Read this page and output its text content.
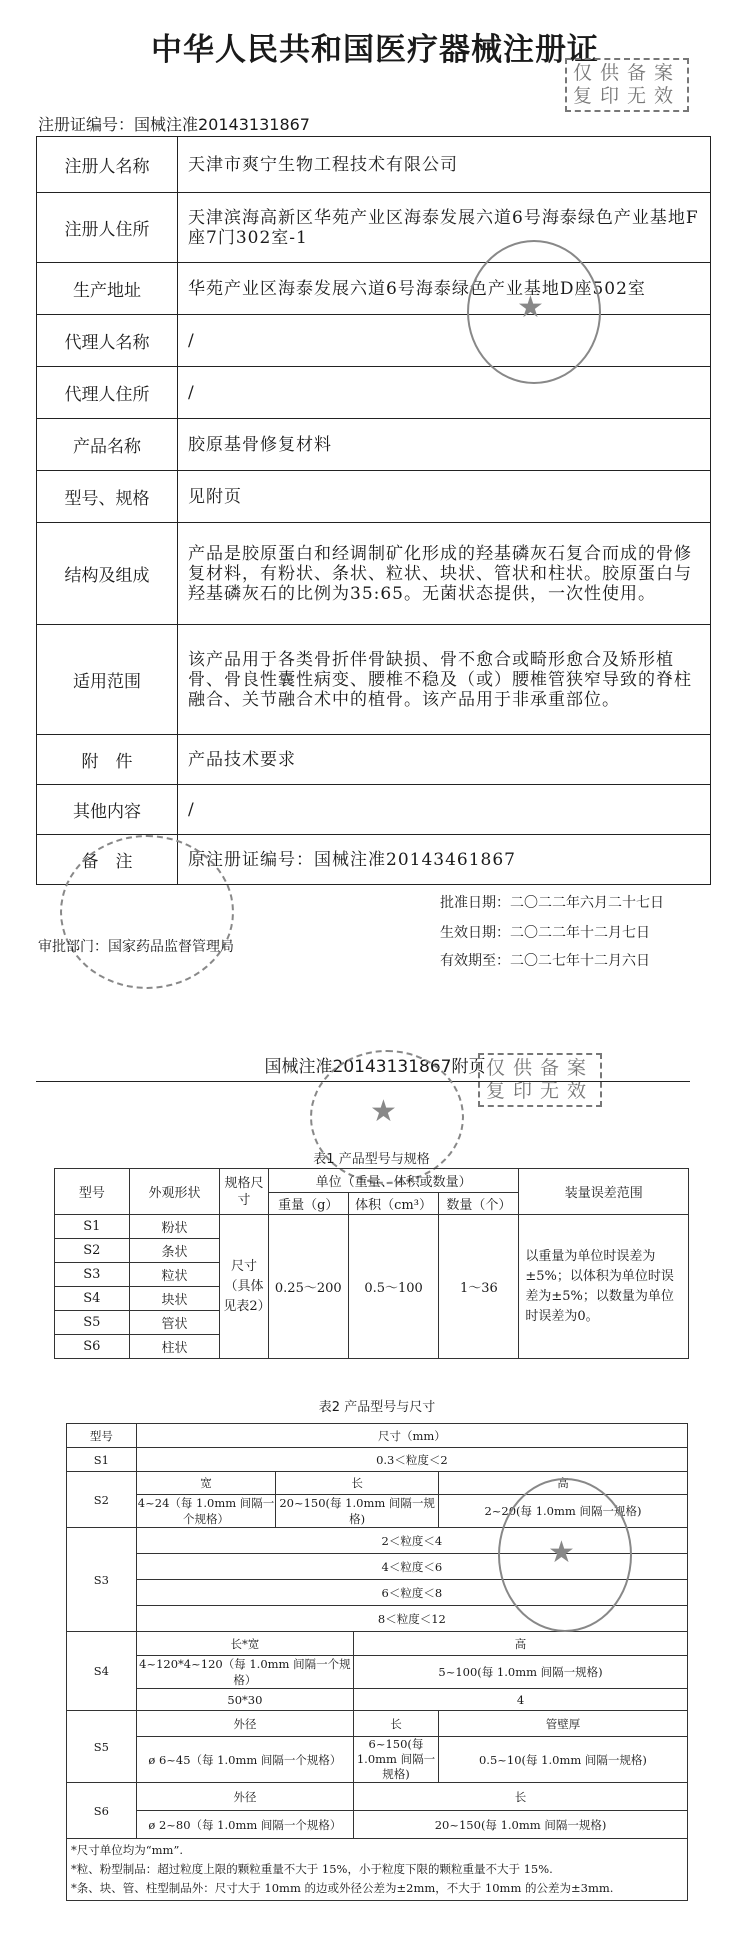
中华人民共和国医疗器械注册证
仅供备案
复印无效
注册证编号：国械注准20143131867
注册人名称	天津市爽宁生物工程技术有限公司
注册人住所	天津滨海高新区华苑产业区海泰发展六道6号海泰绿色产业基地F座7门302室-1
生产地址	华苑产业区海泰发展六道6号海泰绿色产业基地D座502室
代理人名称	/
代理人住所	/
产品名称	胶原基骨修复材料
型号、规格	见附页
结构及组成	产品是胶原蛋白和经调制矿化形成的羟基磷灰石复合而成的骨修复材料，有粉状、条状、粒状、块状、管状和柱状。胶原蛋白与羟基磷灰石的比例为35:65。无菌状态提供，一次性使用。
适用范围	该产品用于各类骨折伴骨缺损、骨不愈合或畸形愈合及矫形植骨、骨良性囊性病变、腰椎不稳及（或）腰椎管狭窄导致的脊柱融合、关节融合术中的植骨。该产品用于非承重部位。
附　件	产品技术要求
其他内容	/
备　注	原注册证编号：国械注准20143461867
★
审批部门：国家药品监督管理局
批准日期：二〇二二年六月二十七日
生效日期：二〇二二年十二月七日
有效期至：二〇二七年十二月六日
国械注准20143131867附页 仅供备案
复印无效
★
表1 产品型号与规格
型号	外观形状	规格尺寸	单位（重量、体积或数量）			装量误差范围
			重量（g）	体积（cm³）	数量（个）	
S1	粉状	尺寸（具体见表2）	0.25～200	0.5～100	1～36	以重量为单位时误差为±5%；以体积为单位时误差为±5%；以数量为单位时误差为0。
S2	条状					
S3	粒状					
S4	块状					
S5	管状					
S6	柱状					
表2 产品型号与尺寸
型号	尺寸（mm）			
S1	0.3＜粒度＜2			
S2	宽	长		高
	4~24（每 1.0mm 间隔一个规格）	20~150(每 1.0mm 间隔一规格)		2~20(每 1.0mm 间隔一规格)
S3	2＜粒度＜4			
	4＜粒度＜6			
	6＜粒度＜8			
	8＜粒度＜12			
S4	长*宽		高	
	4~120*4~120（每 1.0mm 间隔一个规格）		5~100(每 1.0mm 间隔一规格)	
	50*30		4	
S5	外径		长	管壁厚
	ø 6~45（每 1.0mm 间隔一个规格）		6~150(每 1.0mm 间隔一规格)	0.5~10(每 1.0mm 间隔一规格)
S6	外径		长	
	ø 2~80（每 1.0mm 间隔一个规格）		20~150(每 1.0mm 间隔一规格)	

*尺寸单位均为“mm”.
*粒、粉型制品：超过粒度上限的颗粒重量不大于 15%，小于粒度下限的颗粒重量不大于 15%.
*条、块、管、柱型制品外：尺寸大于 10mm 的边或外径公差为±2mm，不大于 10mm 的公差为±3mm.				
★
